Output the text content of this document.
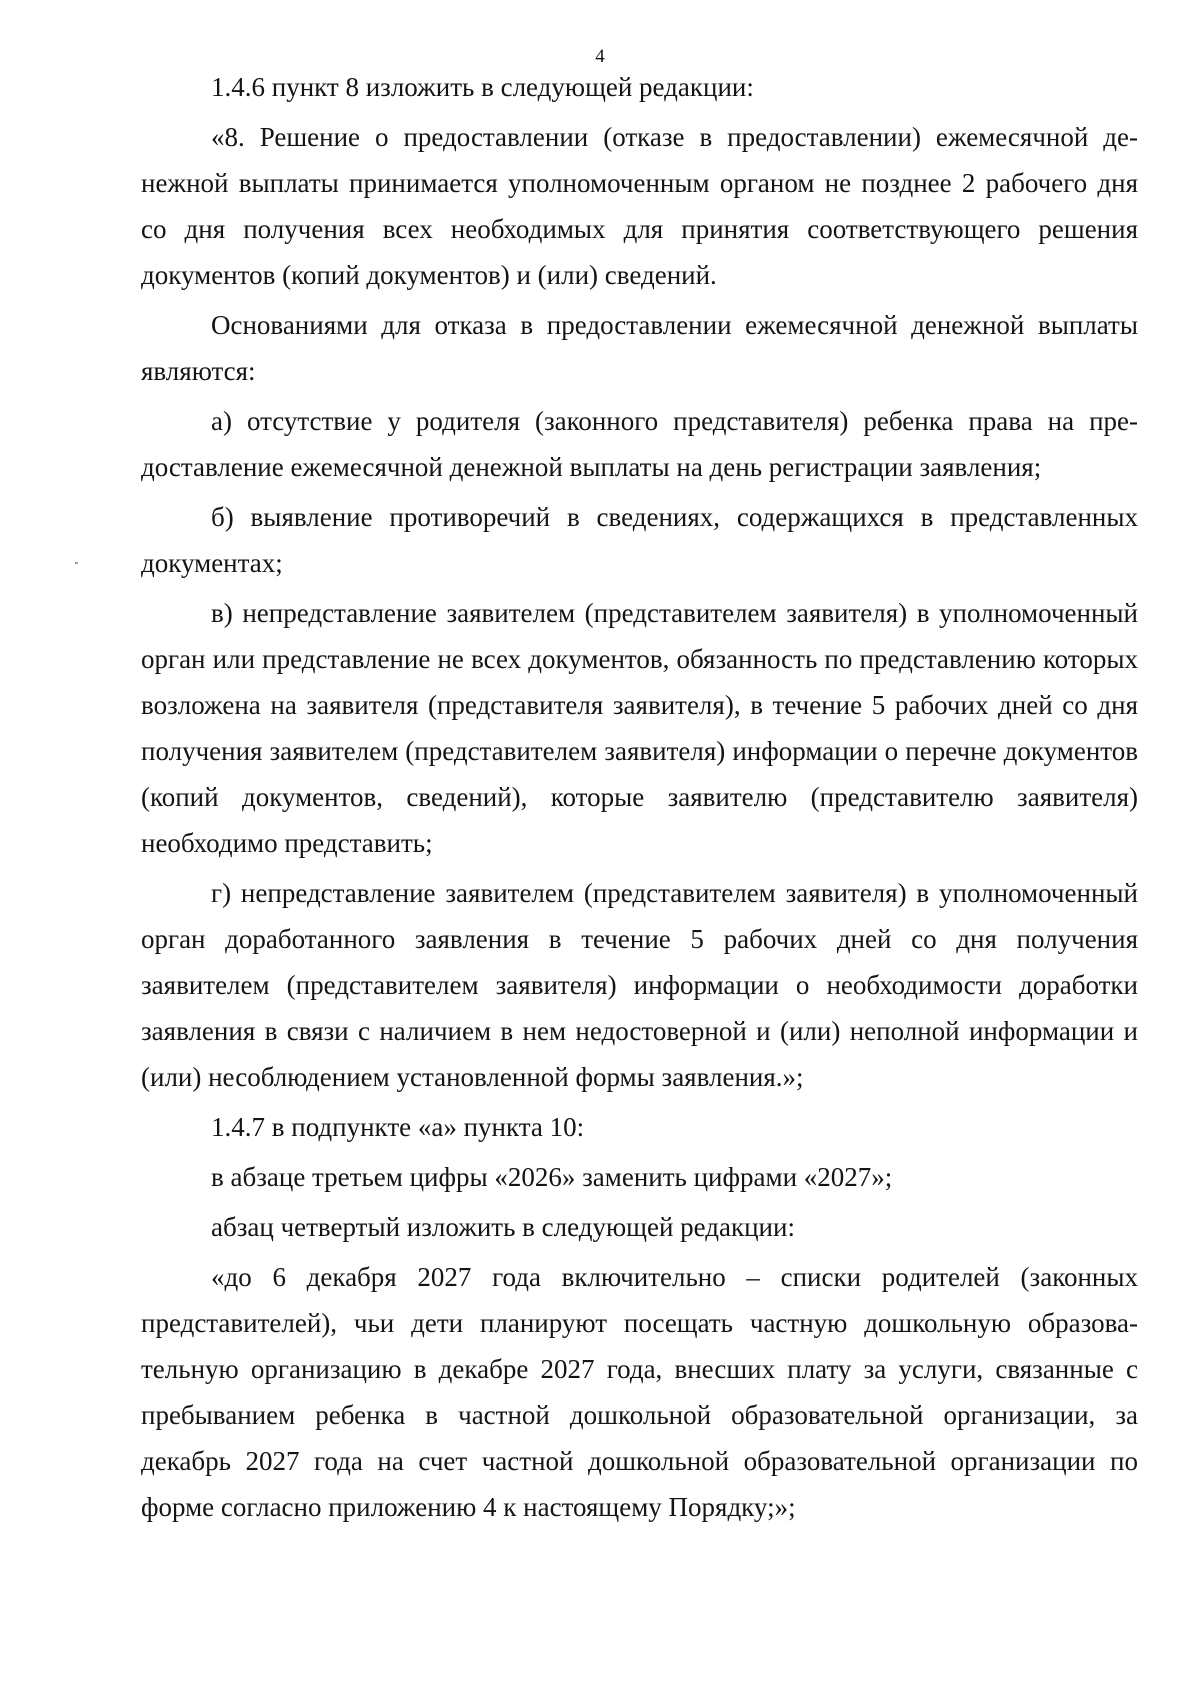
4

1.4.6 пункт 8 изложить в следующей редакции:

«8. Решение о предоставлении (отказе в предоставлении) ежемесячной денежной выплаты принимается уполномоченным органом не позднее 2 рабочего дня со дня получения всех необходимых для принятия соответствующего решения документов (копий документов) и (или) сведений.

Основаниями для отказа в предоставлении ежемесячной денежной выплаты являются:

а) отсутствие у родителя (законного представителя) ребенка права на предоставление ежемесячной денежной выплаты на день регистрации заявления;

б) выявление противоречий в сведениях, содержащихся в представленных документах;

в) непредставление заявителем (представителем заявителя) в уполномоченный орган или представление не всех документов, обязанность по представлению которых возложена на заявителя (представителя заявителя), в течение 5 рабочих дней со дня получения заявителем (представителем заявителя) информации о перечне документов (копий документов, сведений), которые заявителю (представителю заявителя) необходимо представить;

г) непредставление заявителем (представителем заявителя) в уполномоченный орган доработанного заявления в течение 5 рабочих дней со дня получения заявителем (представителем заявителя) информации о необходимости доработки заявления в связи с наличием в нем недостоверной и (или) неполной информации и (или) несоблюдением установленной формы заявления.»;

1.4.7 в подпункте «а» пункта 10:

в абзаце третьем цифры «2026» заменить цифрами «2027»;

абзац четвертый изложить в следующей редакции:

«до 6 декабря 2027 года включительно – списки родителей (законных представителей), чьи дети планируют посещать частную дошкольную образовательную организацию в декабре 2027 года, внесших плату за услуги, связанные с пребыванием ребенка в частной дошкольной образовательной организации, за декабрь 2027 года на счет частной дошкольной образовательной организации по форме согласно приложению 4 к настоящему Порядку;»;
